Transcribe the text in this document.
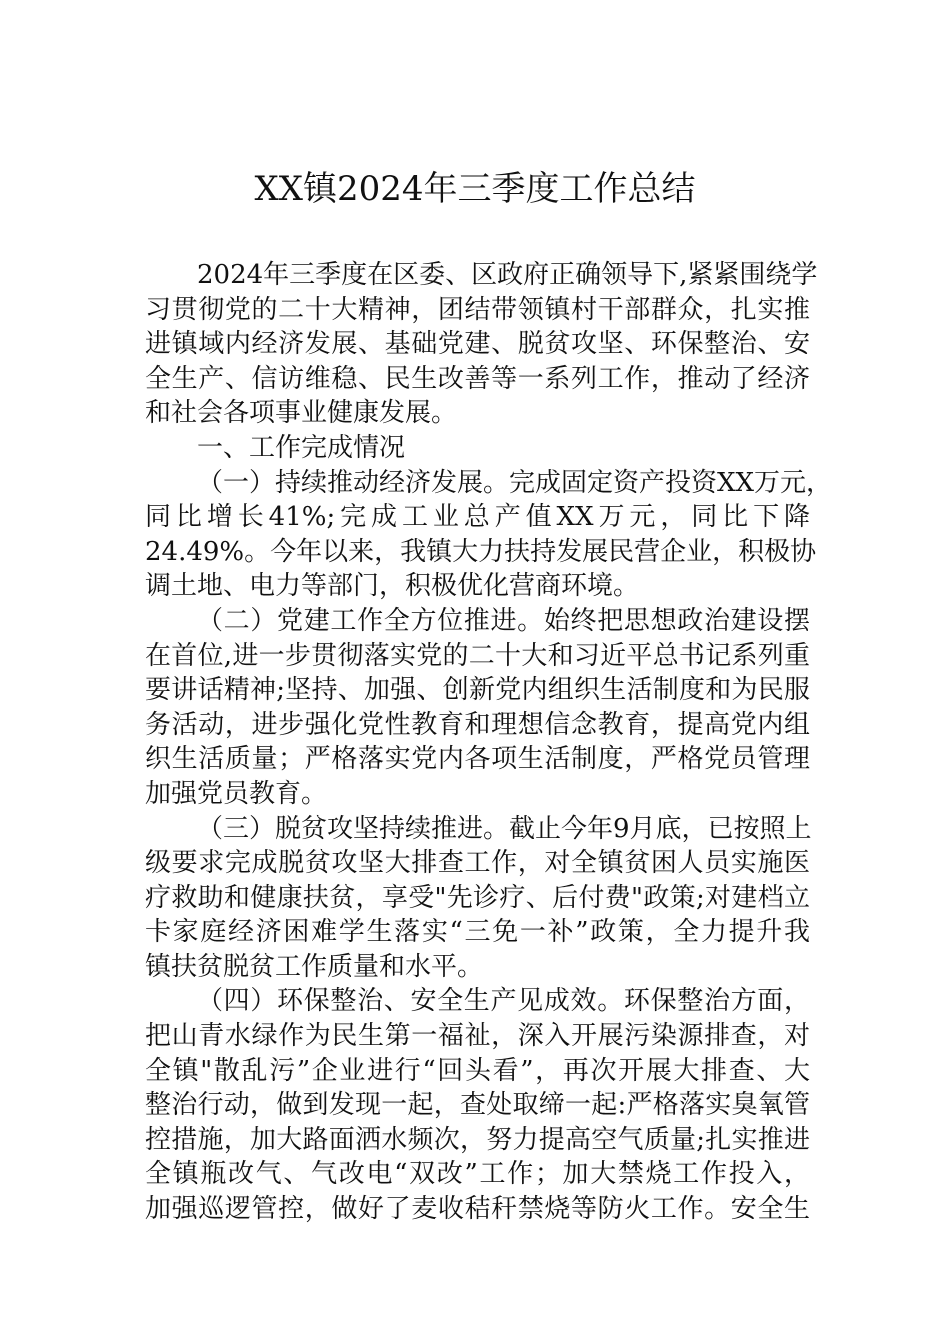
XX镇2024年三季度工作总结
2024年三季度在区委、区政府正确领导下,紧紧围绕学
习贯彻党的二十大精神，团结带领镇村干部群众，扎实推
进镇域内经济发展、基础党建、脱贫攻坚、环保整治、安
全生产、信访维稳、民生改善等一系列工作，推动了经济
和社会各项事业健康发展。
一、工作完成情况
（一）持续推动经济发展。完成固定资产投资XX万元，
同比增长41%;完成工业总产值XX万元，同比下降
24.49%。今年以来，我镇大力扶持发展民营企业，积极协
调土地、电力等部门，积极优化营商环境。
（二）党建工作全方位推进。始终把思想政治建设摆
在首位,进一步贯彻落实党的二十大和习近平总书记系列重
要讲话精神;坚持、加强、创新党内组织生活制度和为民服
务活动，进步强化党性教育和理想信念教育，提高党内组
织生活质量；严格落实党内各项生活制度，严格党员管理
加强党员教育。
（三）脱贫攻坚持续推进。截止今年9月底，已按照上
级要求完成脱贫攻坚大排查工作，对全镇贫困人员实施医
疗救助和健康扶贫，享受"先诊疗、后付费"政策;对建档立
卡家庭经济困难学生落实“三免一补”政策，全力提升我
镇扶贫脱贫工作质量和水平。
（四）环保整治、安全生产见成效。环保整治方面，
把山青水绿作为民生第一福祉，深入开展污染源排查，对
全镇"散乱污”企业进行“回头看”，再次开展大排查、大
整治行动，做到发现一起，查处取缔一起:严格落实臭氧管
控措施，加大路面洒水频次，努力提高空气质量;扎实推进
全镇瓶改气、气改电“双改”工作；加大禁烧工作投入，
加强巡逻管控，做好了麦收秸秆禁烧等防火工作。安全生
